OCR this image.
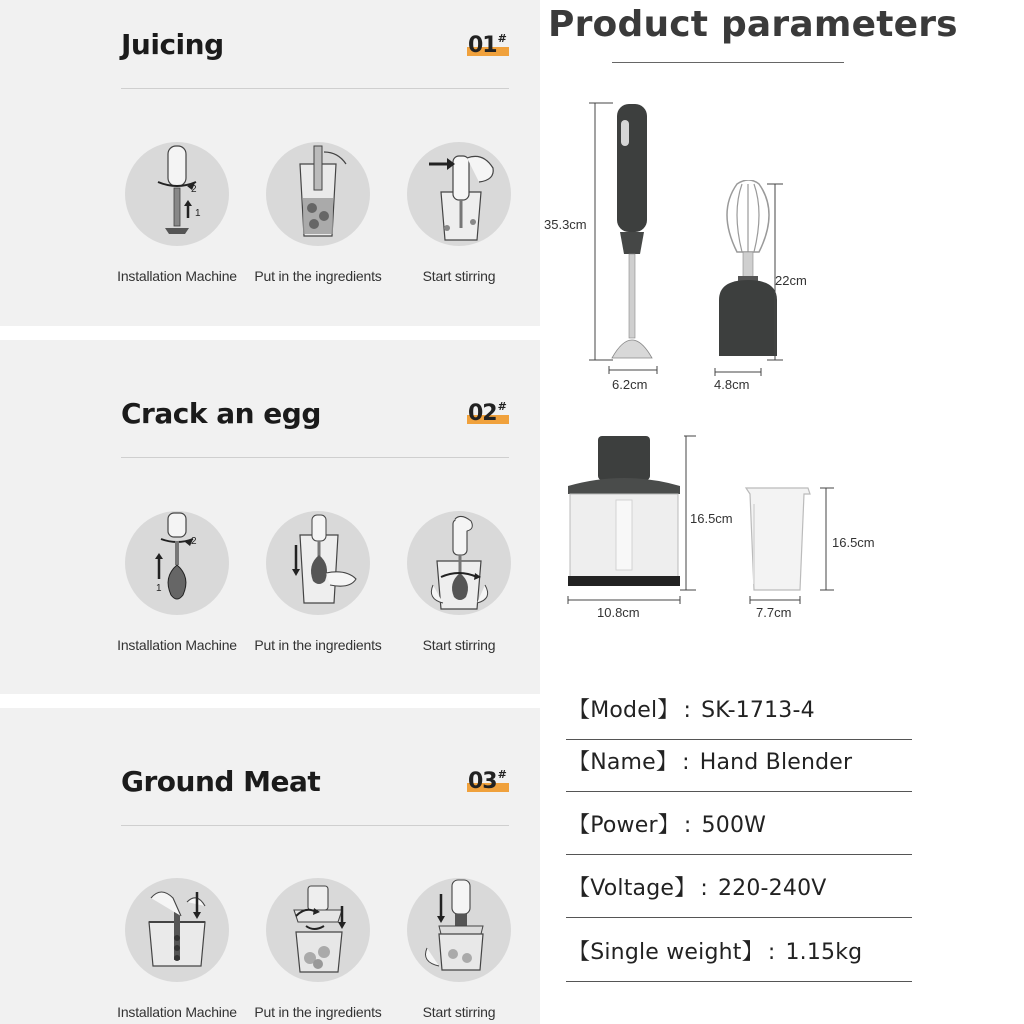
Juicing	01#
2
1
Installation Machine	Put in the ingredients	Start stirring
Crack an egg	02#
2
1
Installation Machine	Put in the ingredients	Start stirring
Ground Meat	03#
Installation Machine	Put in the ingredients	Start stirring
Product parameters
35.3cm
6.2cm
22cm
4.8cm
16.5cm
10.8cm
16.5cm
7.7cm
【Model】 : SK-1713-4
【Name】 : Hand Blender
【Power】 : 500W
【Voltage】 : 220-240V
【Single weight】 : 1.15kg
